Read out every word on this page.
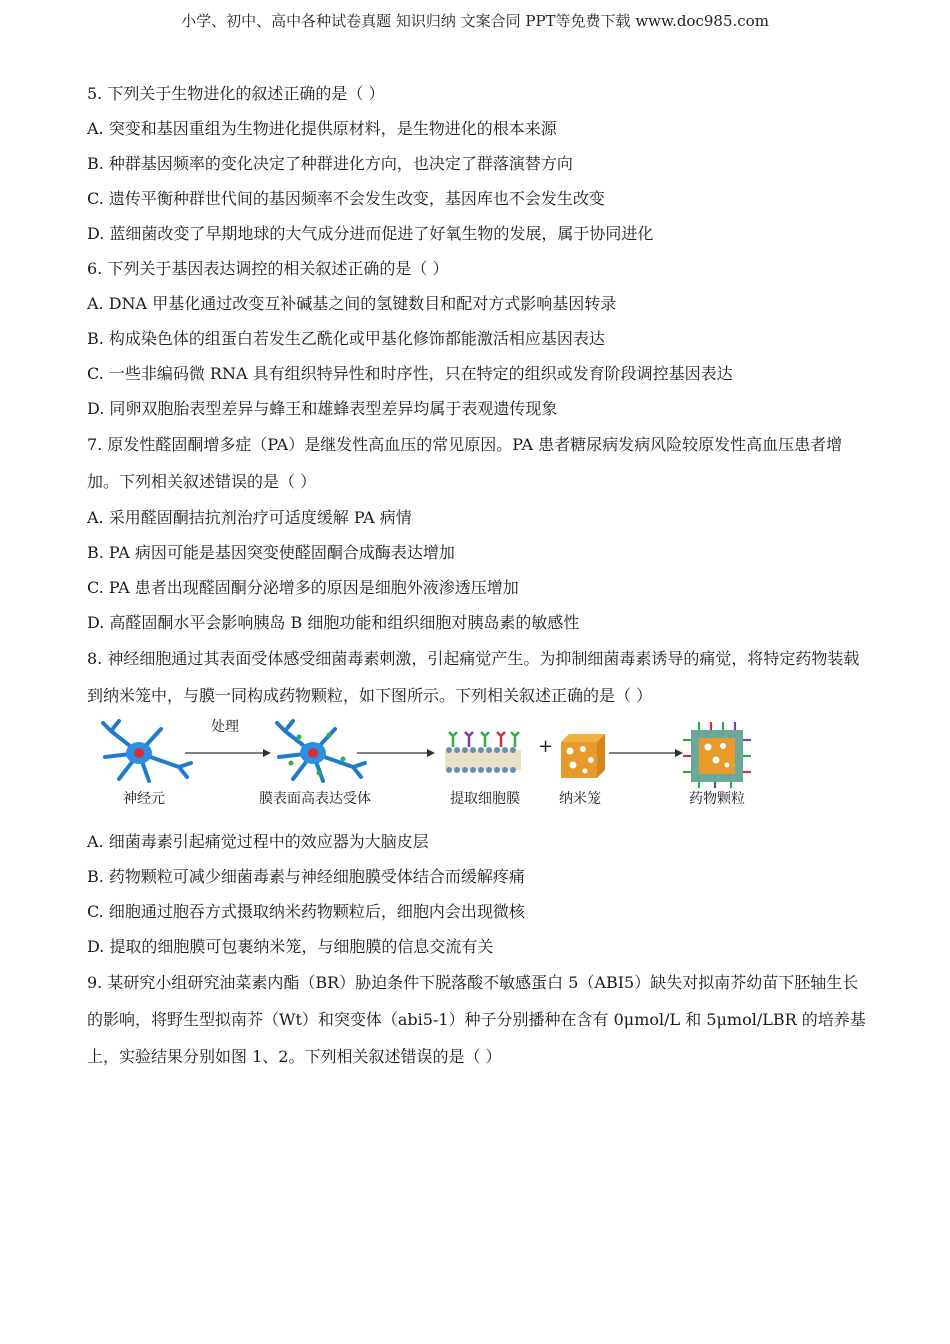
小学、初中、高中各种试卷真题 知识归纳 文案合同 PPT等免费下载 www.doc985.com
5. 下列关于生物进化的叙述正确的是（ ）
A. 突变和基因重组为生物进化提供原材料，是生物进化的根本来源
B. 种群基因频率的变化决定了种群进化方向，也决定了群落演替方向
C. 遗传平衡种群世代间的基因频率不会发生改变，基因库也不会发生改变
D. 蓝细菌改变了早期地球的大气成分进而促进了好氧生物的发展，属于协同进化
6. 下列关于基因表达调控的相关叙述正确的是（ ）
A. DNA 甲基化通过改变互补碱基之间的氢键数目和配对方式影响基因转录
B. 构成染色体的组蛋白若发生乙酰化或甲基化修饰都能激活相应基因表达
C. 一些非编码微 RNA 具有组织特异性和时序性，只在特定的组织或发育阶段调控基因表达
D. 同卵双胞胎表型差异与蜂王和雄蜂表型差异均属于表观遗传现象
7. 原发性醛固酮增多症（PA）是继发性高血压的常见原因。PA 患者糖尿病发病风险较原发性高血压患者增加。下列相关叙述错误的是（ ）
A. 采用醛固酮拮抗剂治疗可适度缓解 PA 病情
B. PA 病因可能是基因突变使醛固酮合成酶表达增加
C. PA 患者出现醛固酮分泌增多的原因是细胞外液渗透压增加
D. 高醛固酮水平会影响胰岛 B 细胞功能和组织细胞对胰岛素的敏感性
8. 神经细胞通过其表面受体感受细菌毒素刺激，引起痛觉产生。为抑制细菌毒素诱导的痛觉，将特定药物装载到纳米笼中，与膜一同构成药物颗粒，如下图所示。下列相关叙述正确的是（ ）
处理
+
神经元	膜表面高表达受体	提取细胞膜	纳米笼	药物颗粒
A. 细菌毒素引起痛觉过程中的效应器为大脑皮层
B. 药物颗粒可减少细菌毒素与神经细胞膜受体结合而缓解疼痛
C. 细胞通过胞吞方式摄取纳米药物颗粒后，细胞内会出现微核
D. 提取的细胞膜可包裹纳米笼，与细胞膜的信息交流有关
9. 某研究小组研究油菜素内酯（BR）胁迫条件下脱落酸不敏感蛋白 5（ABI5）缺失对拟南芥幼苗下胚轴生长的影响，将野生型拟南芥（Wt）和突变体（abi5-1）种子分别播种在含有 0μmol/L 和 5μmol/LBR 的培养基上，实验结果分别如图 1、2。下列相关叙述错误 · ·的是（ ）
